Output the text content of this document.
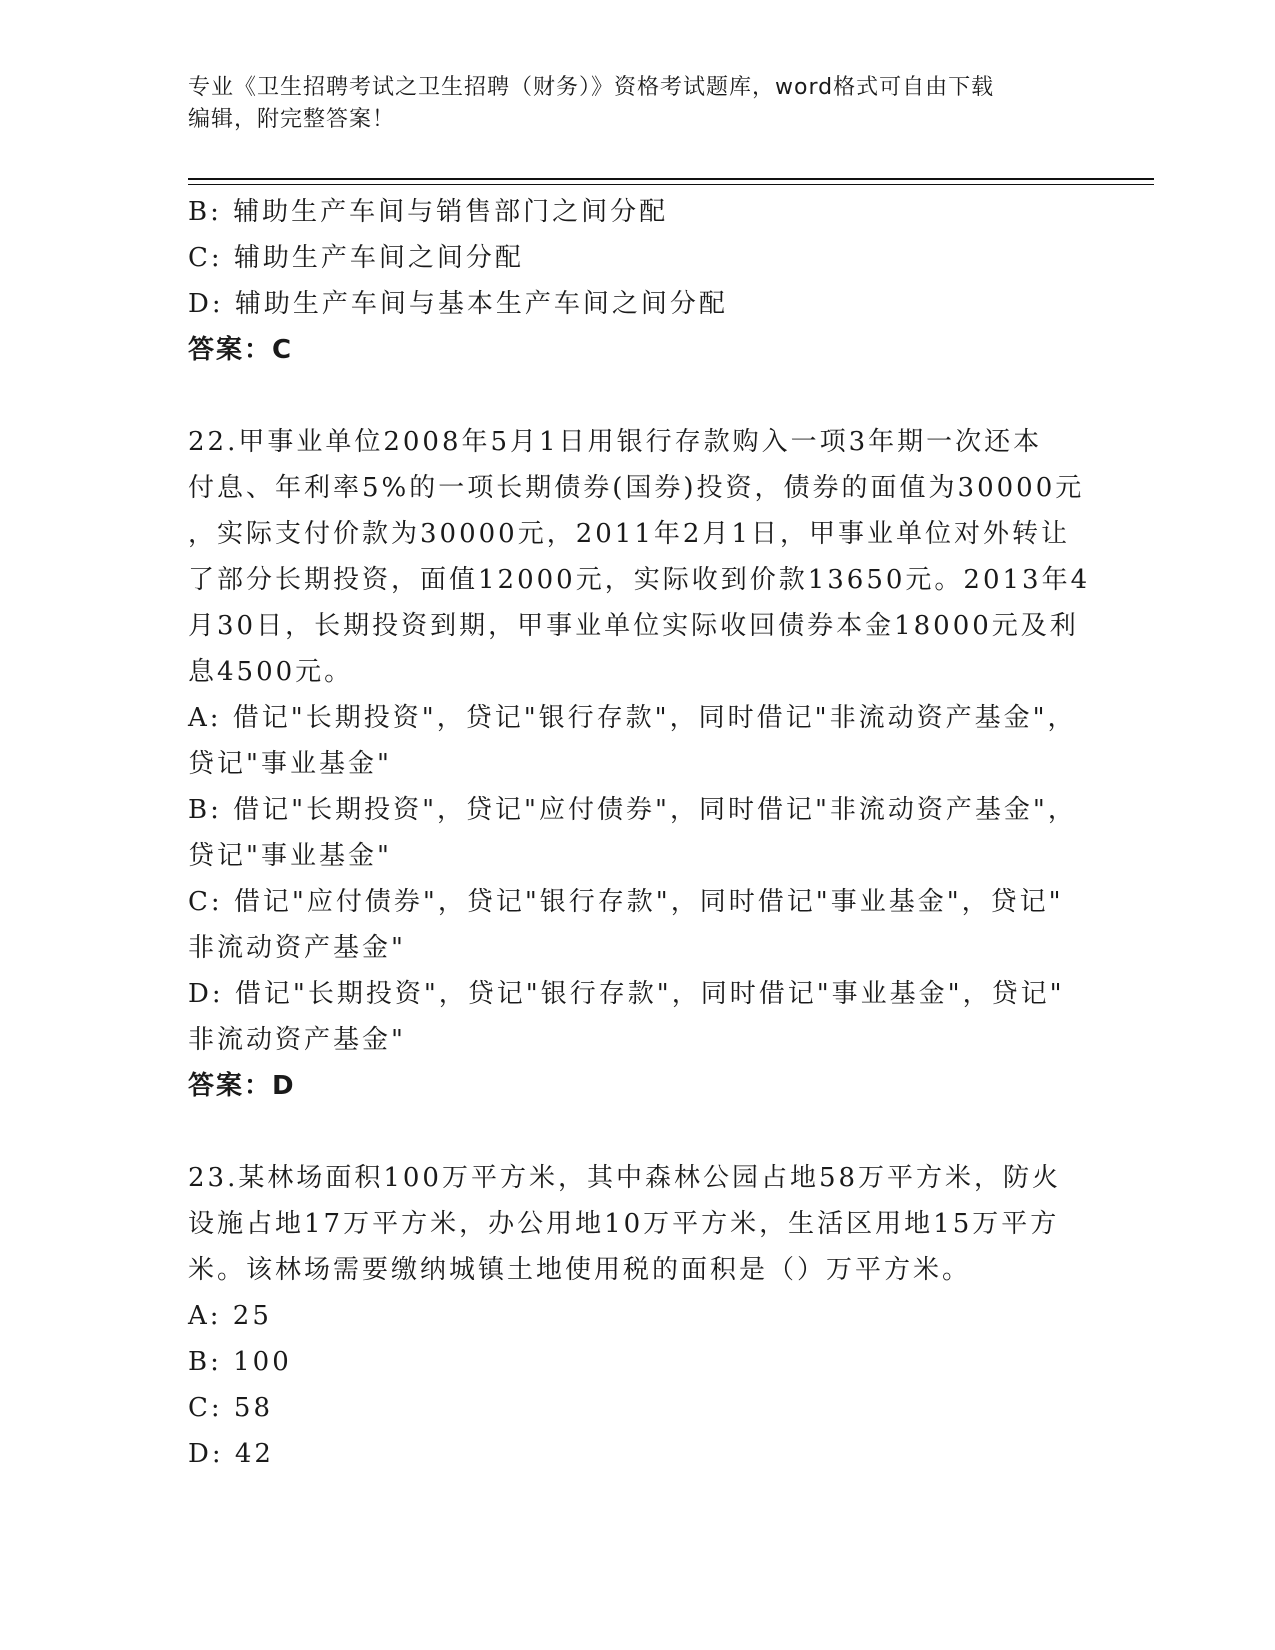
专业《卫生招聘考试之卫生招聘（财务）》资格考试题库，word格式可自由下载
编辑，附完整答案！
B: 辅助生产车间与销售部门之间分配
C: 辅助生产车间之间分配
D: 辅助生产车间与基本生产车间之间分配
答案：C
22.甲事业单位2008年5月1日用银行存款购入一项3年期一次还本
付息、年利率5%的一项长期债券(国券)投资，债券的面值为30000元
，实际支付价款为30000元，2011年2月1日，甲事业单位对外转让
了部分长期投资，面值12000元，实际收到价款13650元。2013年4
月30日，长期投资到期，甲事业单位实际收回债券本金18000元及利
息4500元。
A: 借记"长期投资"，贷记"银行存款"，同时借记"非流动资产基金"，
贷记"事业基金"
B: 借记"长期投资"，贷记"应付债券"，同时借记"非流动资产基金"，
贷记"事业基金"
C: 借记"应付债券"，贷记"银行存款"，同时借记"事业基金"，贷记"
非流动资产基金"
D: 借记"长期投资"，贷记"银行存款"，同时借记"事业基金"，贷记"
非流动资产基金"
答案：D
23.某林场面积100万平方米，其中森林公园占地58万平方米，防火
设施占地17万平方米，办公用地10万平方米，生活区用地15万平方
米。该林场需要缴纳城镇土地使用税的面积是（）万平方米。
A: 25
B: 100
C: 58
D: 42
